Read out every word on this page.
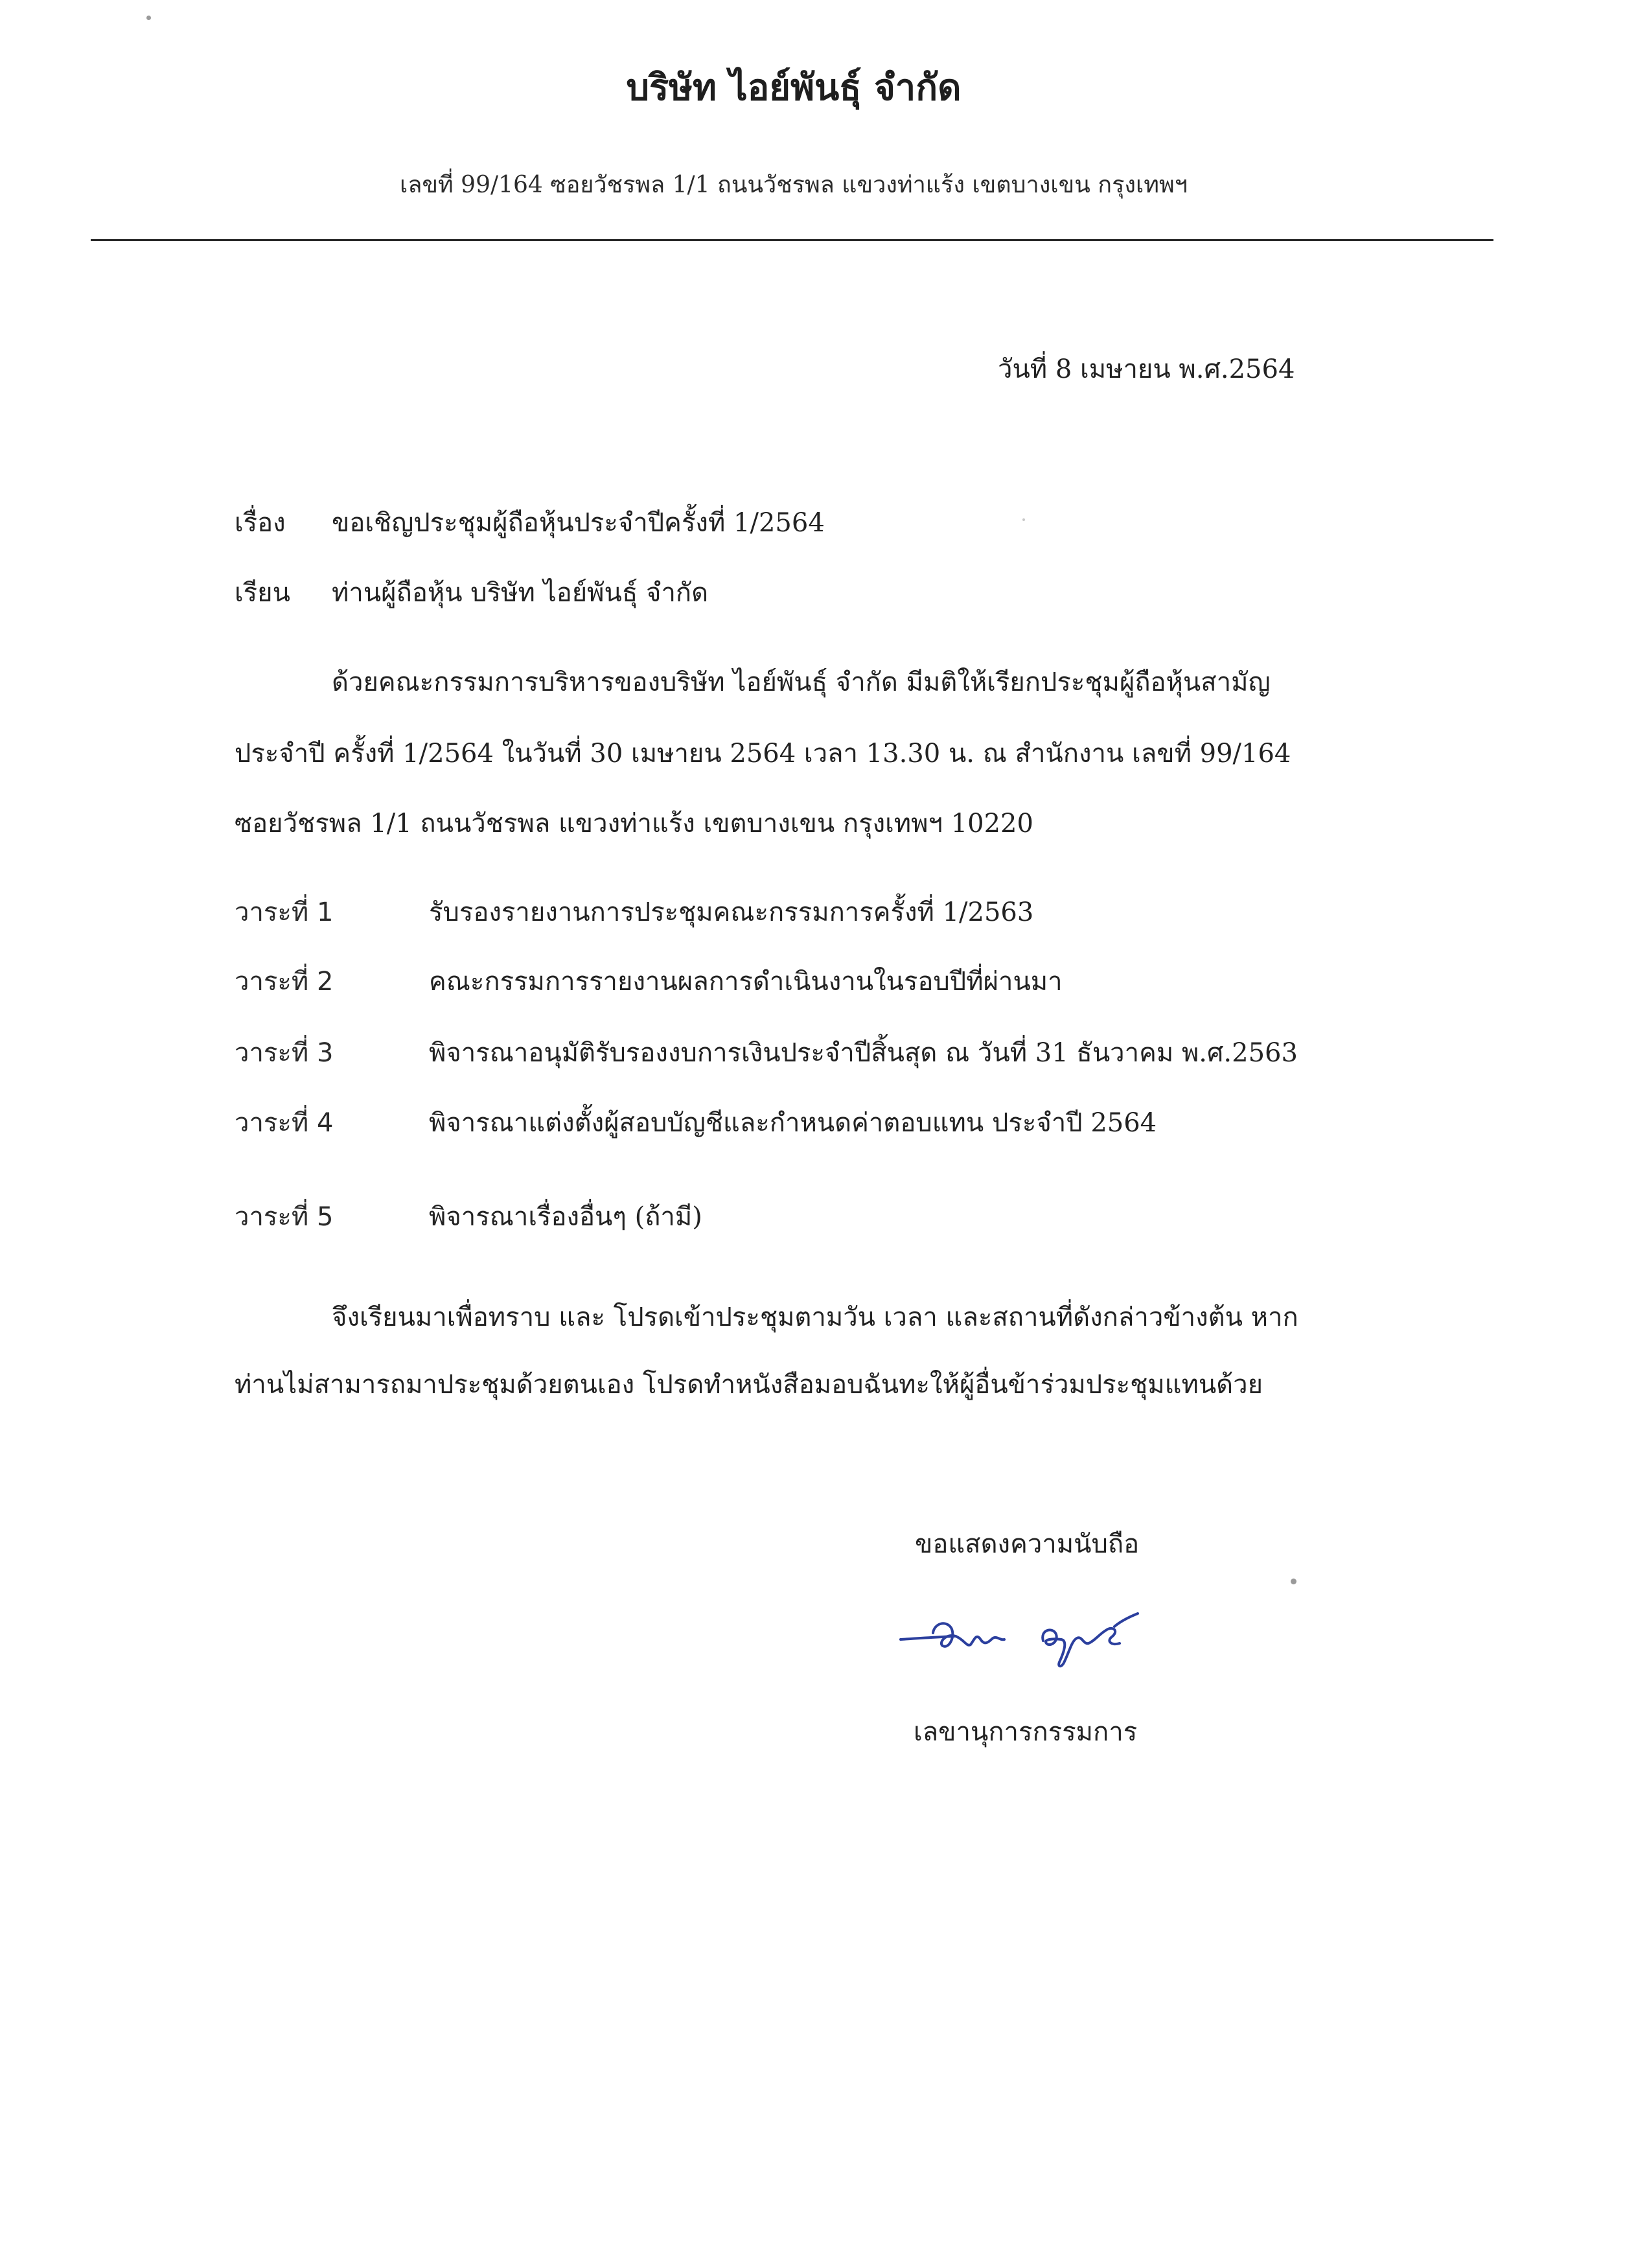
บริษัท ไอย์พันธุ์ จำกัด
เลขที่ 99/164 ซอยวัชรพล 1/1 ถนนวัชรพล แขวงท่าแร้ง เขตบางเขน กรุงเทพฯ
วันที่ 8 เมษายน พ.ศ.2564
เรื่อง ขอเชิญประชุมผู้ถือหุ้นประจำปีครั้งที่ 1/2564
เรียน ท่านผู้ถือหุ้น บริษัท ไอย์พันธุ์ จำกัด
ด้วยคณะกรรมการบริหารของบริษัท ไอย์พันธุ์ จำกัด มีมติให้เรียกประชุมผู้ถือหุ้นสามัญ
ประจำปี ครั้งที่ 1/2564 ในวันที่ 30 เมษายน 2564 เวลา 13.30 น. ณ สำนักงาน เลขที่ 99/164
ซอยวัชรพล 1/1 ถนนวัชรพล แขวงท่าแร้ง เขตบางเขน กรุงเทพฯ 10220
วาระที่ 1	รับรองรายงานการประชุมคณะกรรมการครั้งที่ 1/2563
วาระที่ 2	คณะกรรมการรายงานผลการดำเนินงานในรอบปีที่ผ่านมา
วาระที่ 3	พิจารณาอนุมัติรับรองงบการเงินประจำปีสิ้นสุด ณ วันที่ 31 ธันวาคม พ.ศ.2563
วาระที่ 4	พิจารณาแต่งตั้งผู้สอบบัญชีและกำหนดค่าตอบแทน ประจำปี 2564
วาระที่ 5	พิจารณาเรื่องอื่นๆ (ถ้ามี)
จึงเรียนมาเพื่อทราบ และ โปรดเข้าประชุมตามวัน เวลา และสถานที่ดังกล่าวข้างต้น หาก
ท่านไม่สามารถมาประชุมด้วยตนเอง โปรดทำหนังสือมอบฉันทะให้ผู้อื่นข้าร่วมประชุมแทนด้วย
ขอแสดงความนับถือ
เลขานุการกรรมการ
